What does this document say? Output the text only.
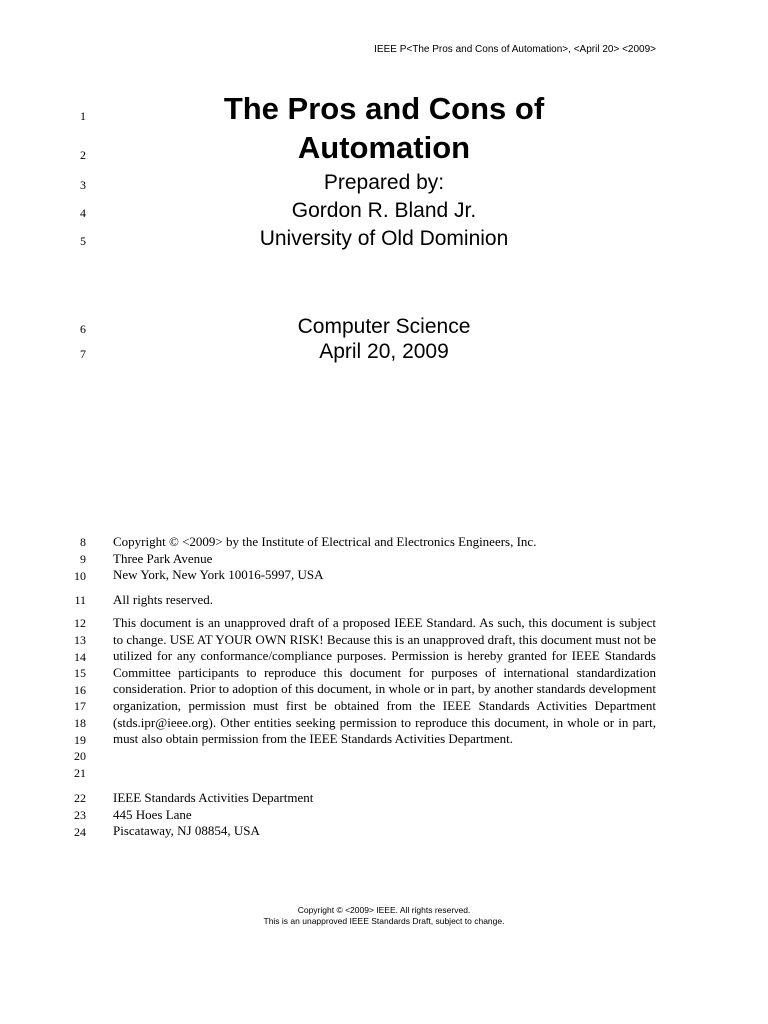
IEEE P<The Pros and Cons of Automation>, <April 20> <2009>
1
2
3
4
5
6
7
8
9
10
11
12
13
14
15
16
17
18
19
20
21
22
23
24
The Pros and Cons of
Automation
Prepared by:
Gordon R. Bland Jr.
University of Old Dominion
Computer Science
April 20, 2009
Copyright © <2009> by the Institute of Electrical and Electronics Engineers, Inc.
Three Park Avenue
New York, New York 10016-5997, USA
All rights reserved.
This document is an unapproved draft of a proposed IEEE Standard. As such, this document is subject to change. USE AT YOUR OWN RISK! Because this is an unapproved draft, this document must not be utilized for any conformance/compliance purposes. Permission is hereby granted for IEEE Standards Committee participants to reproduce this document for purposes of international standardization consideration. Prior to adoption of this document, in whole or in part, by another standards development organization, permission must first be obtained from the IEEE Standards Activities Department (stds.ipr@ieee.org). Other entities seeking permission to reproduce this document, in whole or in part, must also obtain permission from the IEEE Standards Activities Department.
IEEE Standards Activities Department
445 Hoes Lane
Piscataway, NJ 08854, USA
Copyright © <2009> IEEE. All rights reserved.
This is an unapproved IEEE Standards Draft, subject to change.
